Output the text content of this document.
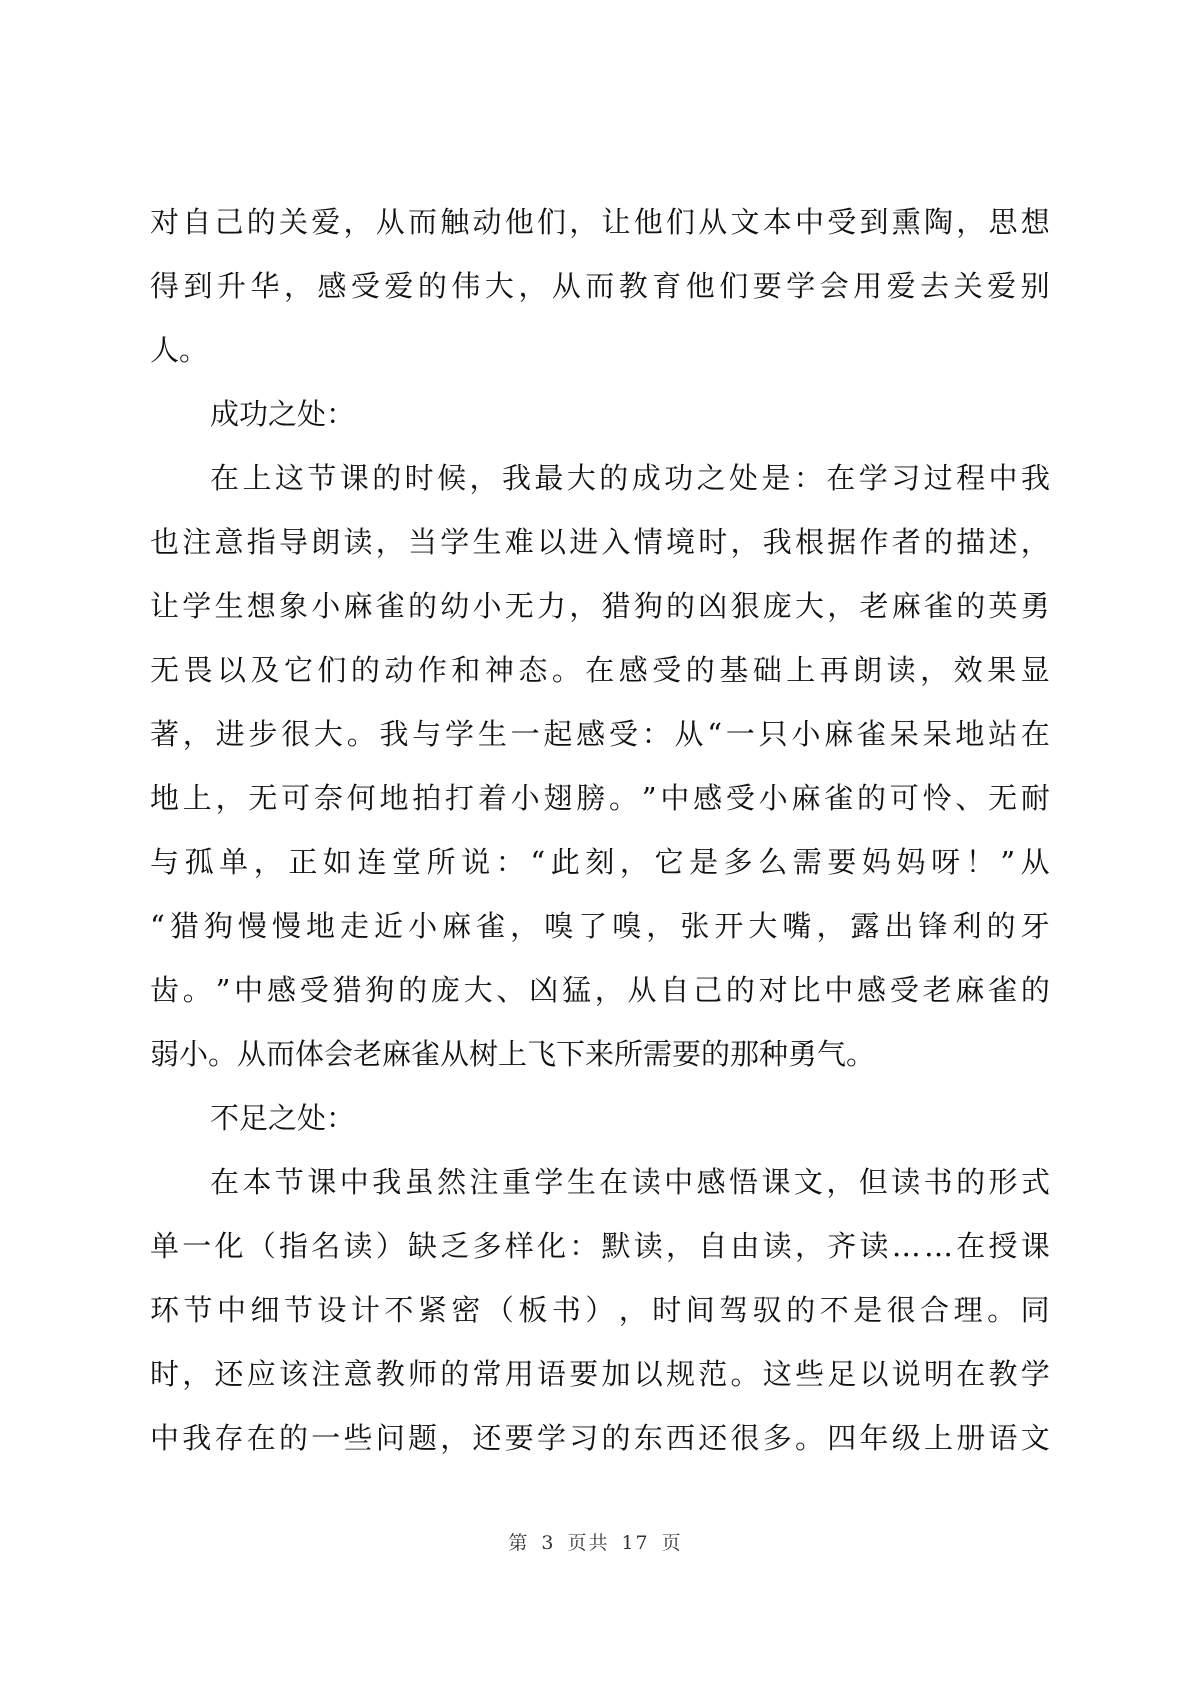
对 自 己 的 关 爱 ， 从 而 触 动 他 们 ， 让 他 们 从 文 本 中 受 到 熏 陶 ， 思 想
得 到 升 华 ， 感 受 爱 的 伟 大 ， 从 而 教 育 他 们 要 学 会 用 爱 去 关 爱 别
人。
成功之处：
在 上 这 节 课 的 时 候 ， 我 最 大 的 成 功 之 处 是 ： 在 学 习 过 程 中 我
也 注 意 指 导 朗 读 ， 当 学 生 难 以 进 入 情 境 时 ， 我 根 据 作 者 的 描 述 ，
让 学 生 想 象 小 麻 雀 的 幼 小 无 力 ， 猎 狗 的 凶 狠 庞 大 ， 老 麻 雀 的 英 勇
无 畏 以 及 它 们 的 动 作 和 神 态 。 在 感 受 的 基 础 上 再 朗 读 ， 效 果 显
著 ， 进 步 很 大 。 我 与 学 生 一 起 感 受 ： 从 “ 一 只 小 麻 雀 呆 呆 地 站 在
地 上 ， 无 可 奈 何 地 拍 打 着 小 翅 膀 。 ” 中 感 受 小 麻 雀 的 可 怜 、 无 耐
与 孤 单 ， 正 如 连 堂 所 说 ： “ 此 刻 ， 它 是 多 么 需 要 妈 妈 呀 ！ ” 从
“ 猎 狗 慢 慢 地 走 近 小 麻 雀 ， 嗅 了 嗅 ， 张 开 大 嘴 ， 露 出 锋 利 的 牙
齿 。 ” 中 感 受 猎 狗 的 庞 大 、 凶 猛 ， 从 自 己 的 对 比 中 感 受 老 麻 雀 的
弱小。从而体会老麻雀从树上飞下来所需要的那种勇气。
不足之处：
在 本 节 课 中 我 虽 然 注 重 学 生 在 读 中 感 悟 课 文 ， 但 读 书 的 形 式
单 一 化 （ 指 名 读 ） 缺 乏 多 样 化 ： 默 读 ， 自 由 读 ， 齐 读 … … 在 授 课
环 节 中 细 节 设 计 不 紧 密 （ 板 书 ） ， 时 间 驾 驭 的 不 是 很 合 理 。 同
时 ， 还 应 该 注 意 教 师 的 常 用 语 要 加 以 规 范 。 这 些 足 以 说 明 在 教 学
中 我 存 在 的 一 些 问 题 ， 还 要 学 习 的 东 西 还 很 多 。 四 年 级 上 册 语 文
第 3 页共 17 页
